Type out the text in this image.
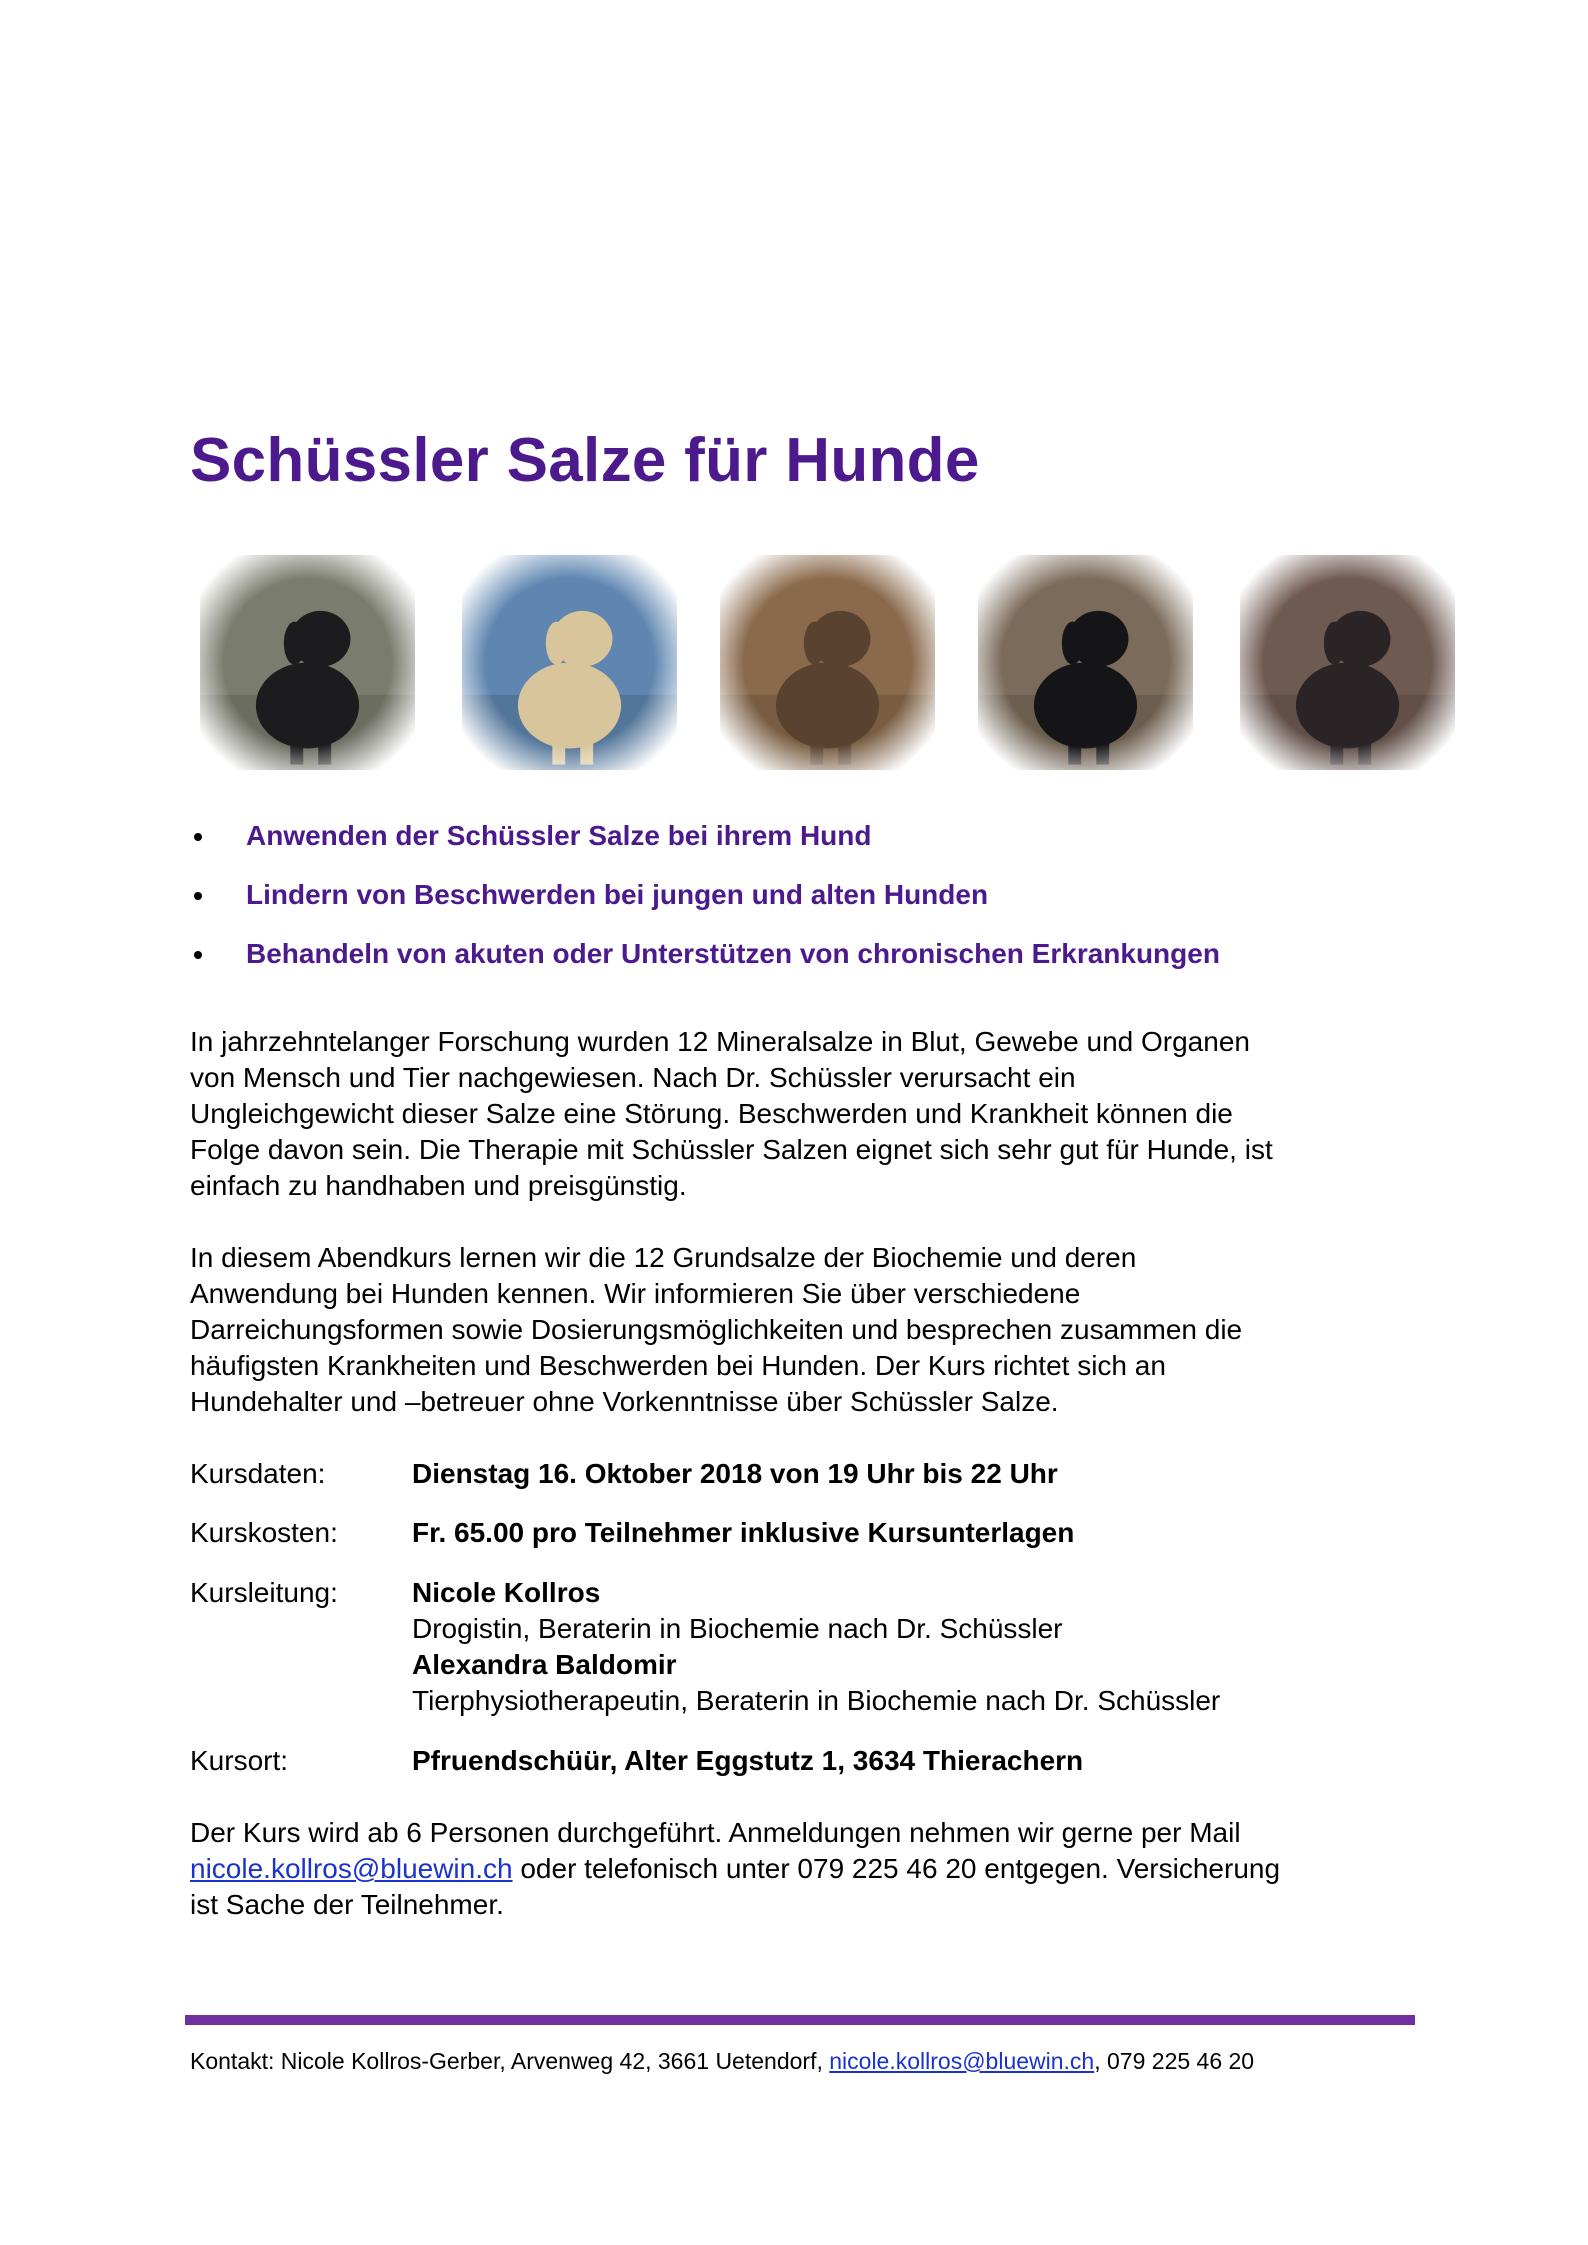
Schüssler Salze für Hunde
Anwenden der Schüssler Salze bei ihrem Hund
Lindern von Beschwerden bei jungen und alten Hunden
Behandeln von akuten oder Unterstützen von chronischen Erkrankungen
In jahrzehntelanger Forschung wurden 12 Mineralsalze in Blut, Gewebe und Organen
von Mensch und Tier nachgewiesen. Nach Dr. Schüssler verursacht ein
Ungleichgewicht dieser Salze eine Störung. Beschwerden und Krankheit können die
Folge davon sein. Die Therapie mit Schüssler Salzen eignet sich sehr gut für Hunde, ist
einfach zu handhaben und preisgünstig.
In diesem Abendkurs lernen wir die 12 Grundsalze der Biochemie und deren
Anwendung bei Hunden kennen. Wir informieren Sie über verschiedene
Darreichungsformen sowie Dosierungsmöglichkeiten und besprechen zusammen die
häufigsten Krankheiten und Beschwerden bei Hunden. Der Kurs richtet sich an
Hundehalter und –betreuer ohne Vorkenntnisse über Schüssler Salze.
Kursdaten:	Dienstag 16. Oktober 2018 von 19 Uhr bis 22 Uhr
Kurskosten:	Fr. 65.00 pro Teilnehmer inklusive Kursunterlagen
Kursleitung:	Nicole Kollros
Drogistin, Beraterin in Biochemie nach Dr. Schüssler
Alexandra Baldomir
Tierphysiotherapeutin, Beraterin in Biochemie nach Dr. Schüssler
Kursort:	Pfruendschüür, Alter Eggstutz 1, 3634 Thierachern
Der Kurs wird ab 6 Personen durchgeführt. Anmeldungen nehmen wir gerne per Mail
nicole.kollros@bluewin.ch oder telefonisch unter 079 225 46 20 entgegen. Versicherung
ist Sache der Teilnehmer.
Kontakt: Nicole Kollros-Gerber, Arvenweg 42, 3661 Uetendorf, nicole.kollros@bluewin.ch, 079 225 46 20
